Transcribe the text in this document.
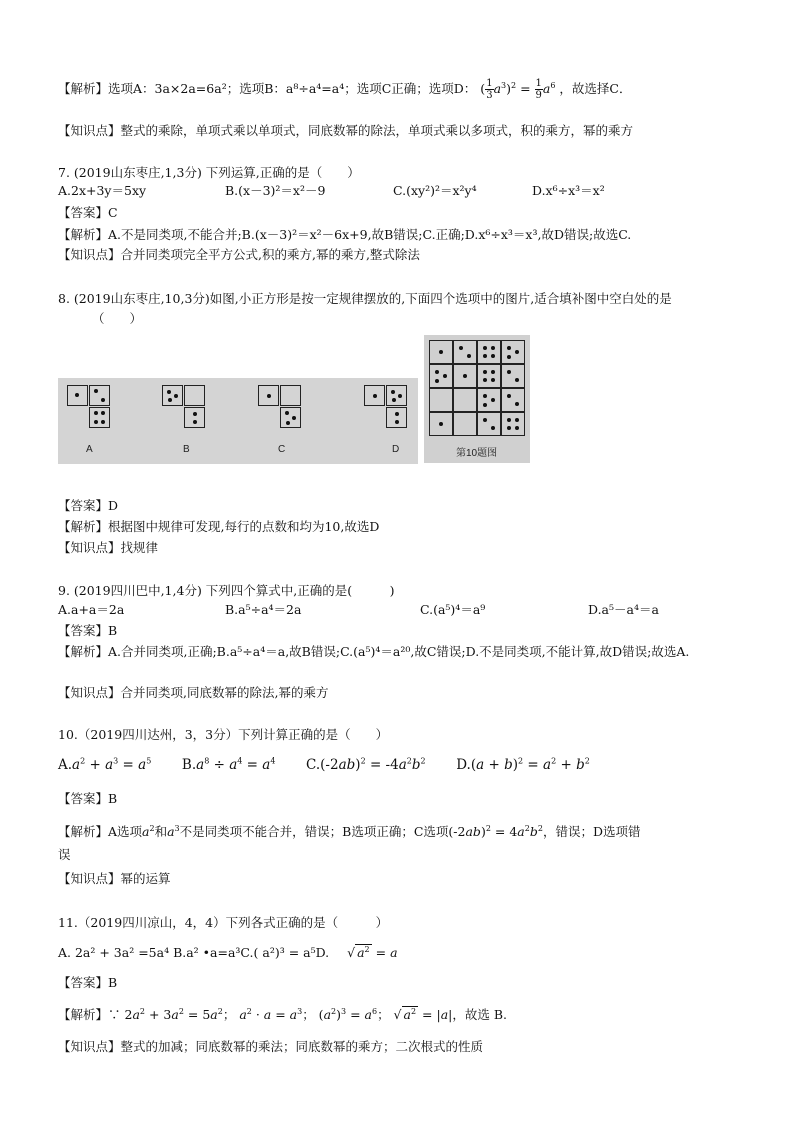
【解析】选项A：3a×2a=6a²；选项B：a⁸÷a⁴=a⁴；选项C正确；选项D： ( $\frac{1}{3} a^3)^2 = \frac{1}{9} a^6$ ，故选择C．
【知识点】整式的乘除，单项式乘以单项式，同底数幂的除法，单项式乘以多项式，积的乘方，幂的乘方
7. (2019山东枣庄,1,3分) 下列运算,正确的是（　　）
A.2x+3y＝5xy	B.(x－3)²＝x²－9	C.(xy²)²＝x²y⁴	D.x⁶÷x³＝x²
【答案】C
【解析】A.不是同类项,不能合并;B.(x－3)²＝x²－6x+9,故B错误;C.正确;D.x⁶÷x³＝x³,故D错误;故选C.
【知识点】合并同类项完全平方公式,积的乘方,幂的乘方,整式除法
8. (2019山东枣庄,10,3分)如图,小正方形是按一定规律摆放的,下面四个选项中的图片,适合填补图中空白处的是
（　　）
A	B	C	D	第10题图
【答案】D
【解析】根据图中规律可发现,每行的点数和均为10,故选D
【知识点】找规律
9. (2019四川巴中,1,4分) 下列四个算式中,正确的是(　　　)
A.a+a＝2a	B.a⁵÷a⁴＝2a	C.(a⁵)⁴＝a⁹	D.a⁵－a⁴＝a
【答案】B
【解析】A.合并同类项,正确;B.a⁵÷a⁴＝a,故B错误;C.(a⁵)⁴＝a²⁰,故C错误;D.不是同类项,不能计算,故D错误;故选A.
【知识点】合并同类项,同底数幂的除法,幂的乘方
10.（2019四川达州，3，3分）下列计算正确的是（　　）
$A.a^2 + a^3 = a^5$ $B.a^8 \div a^4 = a^4$ $C.(-2ab)^2 = -4a^2b^2$ $D.(a + b)^2 = a^2 + b^2$
【答案】B
【解析】A选项$a^2$和$a^3$不是同类项不能合并，错误；B选项正确；C选项$(-2ab)^2 = 4a^2b^2$，错误；D选项错
误
【知识点】幂的运算
11.（2019四川凉山，4，4）下列各式正确的是（　　　）
A. 2a² + 3a² =5a⁴ B.a² •a=a³C.( a²)³ = a⁵D. √ $a^2 = a$
【答案】B
【解析】∵ $2a^2 + 3a^2 = 5a^2$； $a^2 \cdot a = a^3$； $(a^2)^3 = a^6$； √ $a^2 = |a|$，故选 B.
【知识点】整式的加减；同底数幂的乘法；同底数幂的乘方；二次根式的性质
